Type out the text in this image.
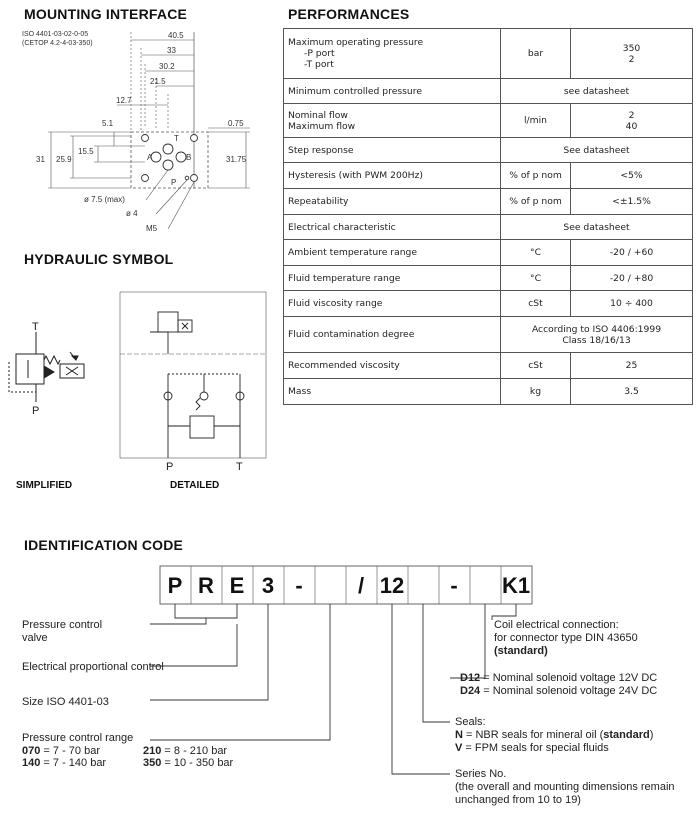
MOUNTING INTERFACE
ISO 4401-03-02-0-05
(CETOP 4.2-4-03-350)
40.5
33
30.2
21.5
12.7
5.1	0.75
15.5
31 25.9	31.75
T
A	B
P
ø 7.5 (max)
ø 4
M5
PERFORMANCES
Maximum operating pressure
-P port
-T port	bar	350
2

Minimum controlled pressure	see datasheet	

Nominal flow
Maximum flow	l/min	2
40

Step response	See datasheet	
Hysteresis (with PWM 200Hz)	% of p nom	<5%
Repeatability	% of p nom	<±1.5%
Electrical characteristic	See datasheet	
Ambient temperature range	°C	-20 / +60
Fluid temperature range	°C	-20 / +80
Fluid viscosity range	cSt	10 ÷ 400
Fluid contamination degree	According to ISO 4406:1999
Class 18/16/13	

Recommended viscosity	cSt	25
Mass	kg	3.5
HYDRAULIC SYMBOL
T
P
P	T
SIMPLIFIED	DETAILED
IDENTIFICATION CODE
P R E 3 -	/ 12 - K1
Pressure control
valve
Electrical proportional control
Size ISO 4401-03
Pressure control range
070 = 7 - 70 bar
140 = 7 - 140 bar
210 = 8 - 210 bar
350 = 10 - 350 bar
Coil electrical connection:
for connector type DIN 43650
(standard)
D12 = Nominal solenoid voltage 12V DC
D24 = Nominal solenoid voltage 24V DC
Seals:
N = NBR seals for mineral oil (standard)
V = FPM seals for special fluids
Series No.
(the overall and mounting dimensions remain
unchanged from 10 to 19)
